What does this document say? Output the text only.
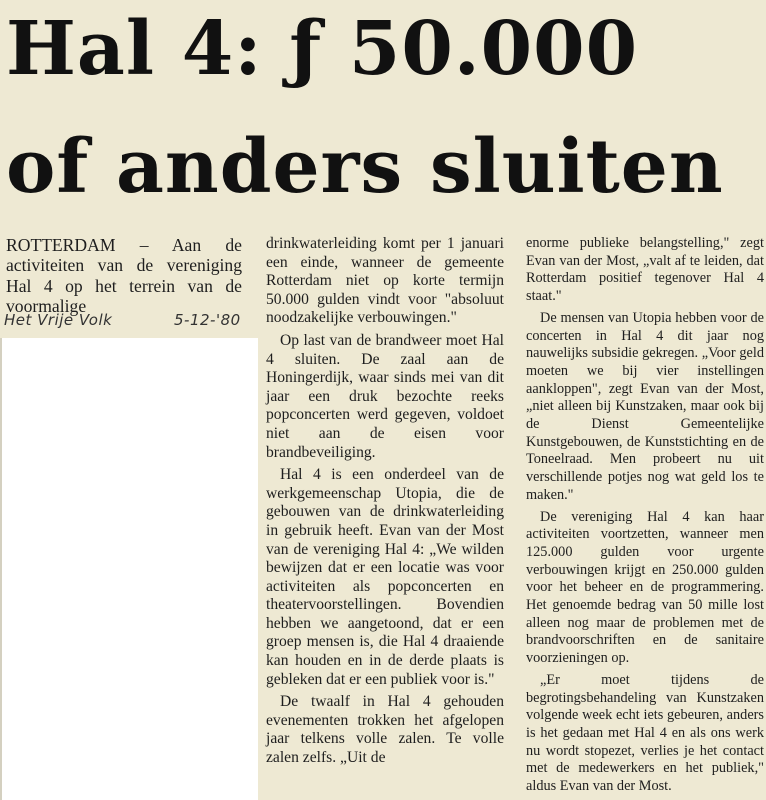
Hal 4: ƒ 50.000
of anders sluiten

ROTTERDAM – Aan de activiteiten van de vereniging Hal 4 op het terrein van de voormalige

Het Vrije Volk	5-12-'80

drinkwaterleiding komt per 1 januari een einde, wanneer de gemeente Rotterdam niet op korte termijn 50.000 gulden vindt voor "absoluut noodzakelijke verbouwingen."

Op last van de brandweer moet Hal 4 sluiten. De zaal aan de Honingerdijk, waar sinds mei van dit jaar een druk bezochte reeks popconcerten werd gegeven, voldoet niet aan de eisen voor brandbeveiliging.

Hal 4 is een onderdeel van de werkgemeenschap Utopia, die de gebouwen van de drinkwaterleiding in gebruik heeft. Evan van der Most van de vereniging Hal 4: „We wilden bewijzen dat er een locatie was voor activiteiten als popconcerten en theatervoorstellingen. Bovendien hebben we aangetoond, dat er een groep mensen is, die Hal 4 draaiende kan houden en in de derde plaats is gebleken dat er een publiek voor is."

De twaalf in Hal 4 gehouden evenementen trokken het afgelopen jaar telkens volle zalen. Te volle zalen zelfs. „Uit de

enorme publieke belangstelling," zegt Evan van der Most, „valt af te leiden, dat Rotterdam positief tegenover Hal 4 staat."

De mensen van Utopia hebben voor de concerten in Hal 4 dit jaar nog nauwelijks subsidie gekregen. „Voor geld moeten we bij vier instellingen aankloppen", zegt Evan van der Most, „niet alleen bij Kunstzaken, maar ook bij de Dienst Gemeentelijke Kunstgebouwen, de Kunststichting en de Toneelraad. Men probeert nu uit verschillende potjes nog wat geld los te maken."

De vereniging Hal 4 kan haar activiteiten voortzetten, wanneer men 125.000 gulden voor urgente verbouwingen krijgt en 250.000 gulden voor het beheer en de programmering. Het genoemde bedrag van 50 mille lost alleen nog maar de problemen met de brandvoorschriften en de sanitaire voorzieningen op.

„Er moet tijdens de begrotingsbehandeling van Kunstzaken volgende week echt iets gebeuren, anders is het gedaan met Hal 4 en als ons werk nu wordt stopezet, verlies je het contact met de medewerkers en het publiek," aldus Evan van der Most.
